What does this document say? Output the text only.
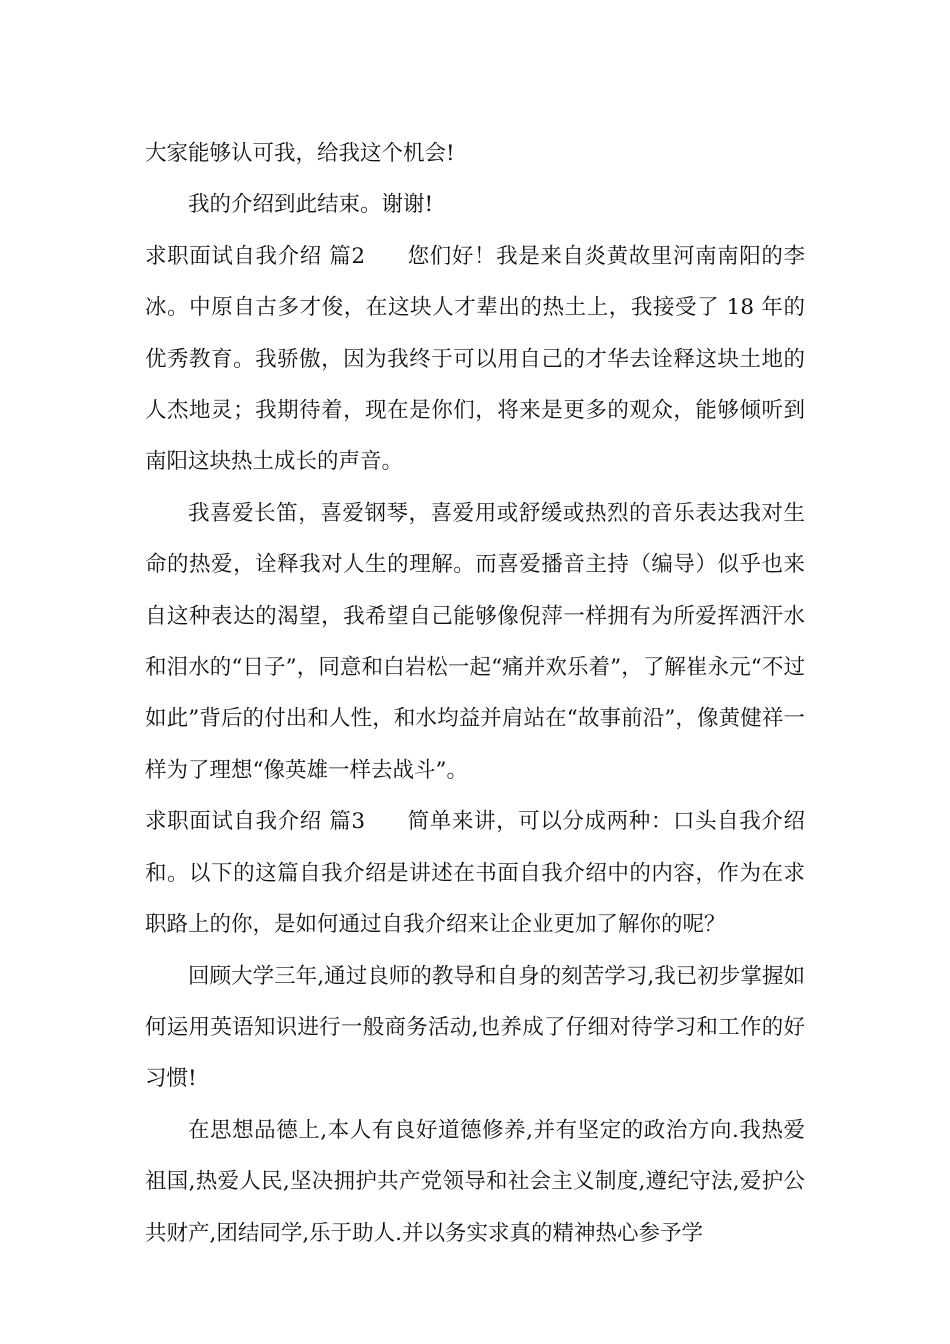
大家能够认可我，给我这个机会!

我的介绍到此结束。谢谢!

求职面试自我介绍 篇2 您们好！我是来自炎黄故里河南南阳的李冰。中原自古多才俊，在这块人才辈出的热土上，我接受了 18 年的优秀教育。我骄傲，因为我终于可以用自己的才华去诠释这块土地的人杰地灵；我期待着，现在是你们，将来是更多的观众，能够倾听到南阳这块热土成长的声音。

我喜爱长笛，喜爱钢琴，喜爱用或舒缓或热烈的音乐表达我对生命的热爱，诠释我对人生的理解。而喜爱播音主持（编导）似乎也来自这种表达的渴望，我希望自己能够像倪萍一样拥有为所爱挥洒汗水和泪水的“日子”，同意和白岩松一起“痛并欢乐着”，了解崔永元“不过如此”背后的付出和人性，和水均益并肩站在“故事前沿”，像黄健祥一样为了理想“像英雄一样去战斗”。

求职面试自我介绍 篇3 简单来讲，可以分成两种：口头自我介绍和。以下的这篇自我介绍是讲述在书面自我介绍中的内容，作为在求职路上的你，是如何通过自我介绍来让企业更加了解你的呢？

回顾大学三年,通过良师的教导和自身的刻苦学习,我已初步掌握如何运用英语知识进行一般商务活动,也养成了仔细对待学习和工作的好习惯!

在思想品德上,本人有良好道德修养,并有坚定的政治方向.我热爱祖国,热爱人民,坚决拥护共产党领导和社会主义制度,遵纪守法,爱护公共财产,团结同学,乐于助人.并以务实求真的精神热心参予学
